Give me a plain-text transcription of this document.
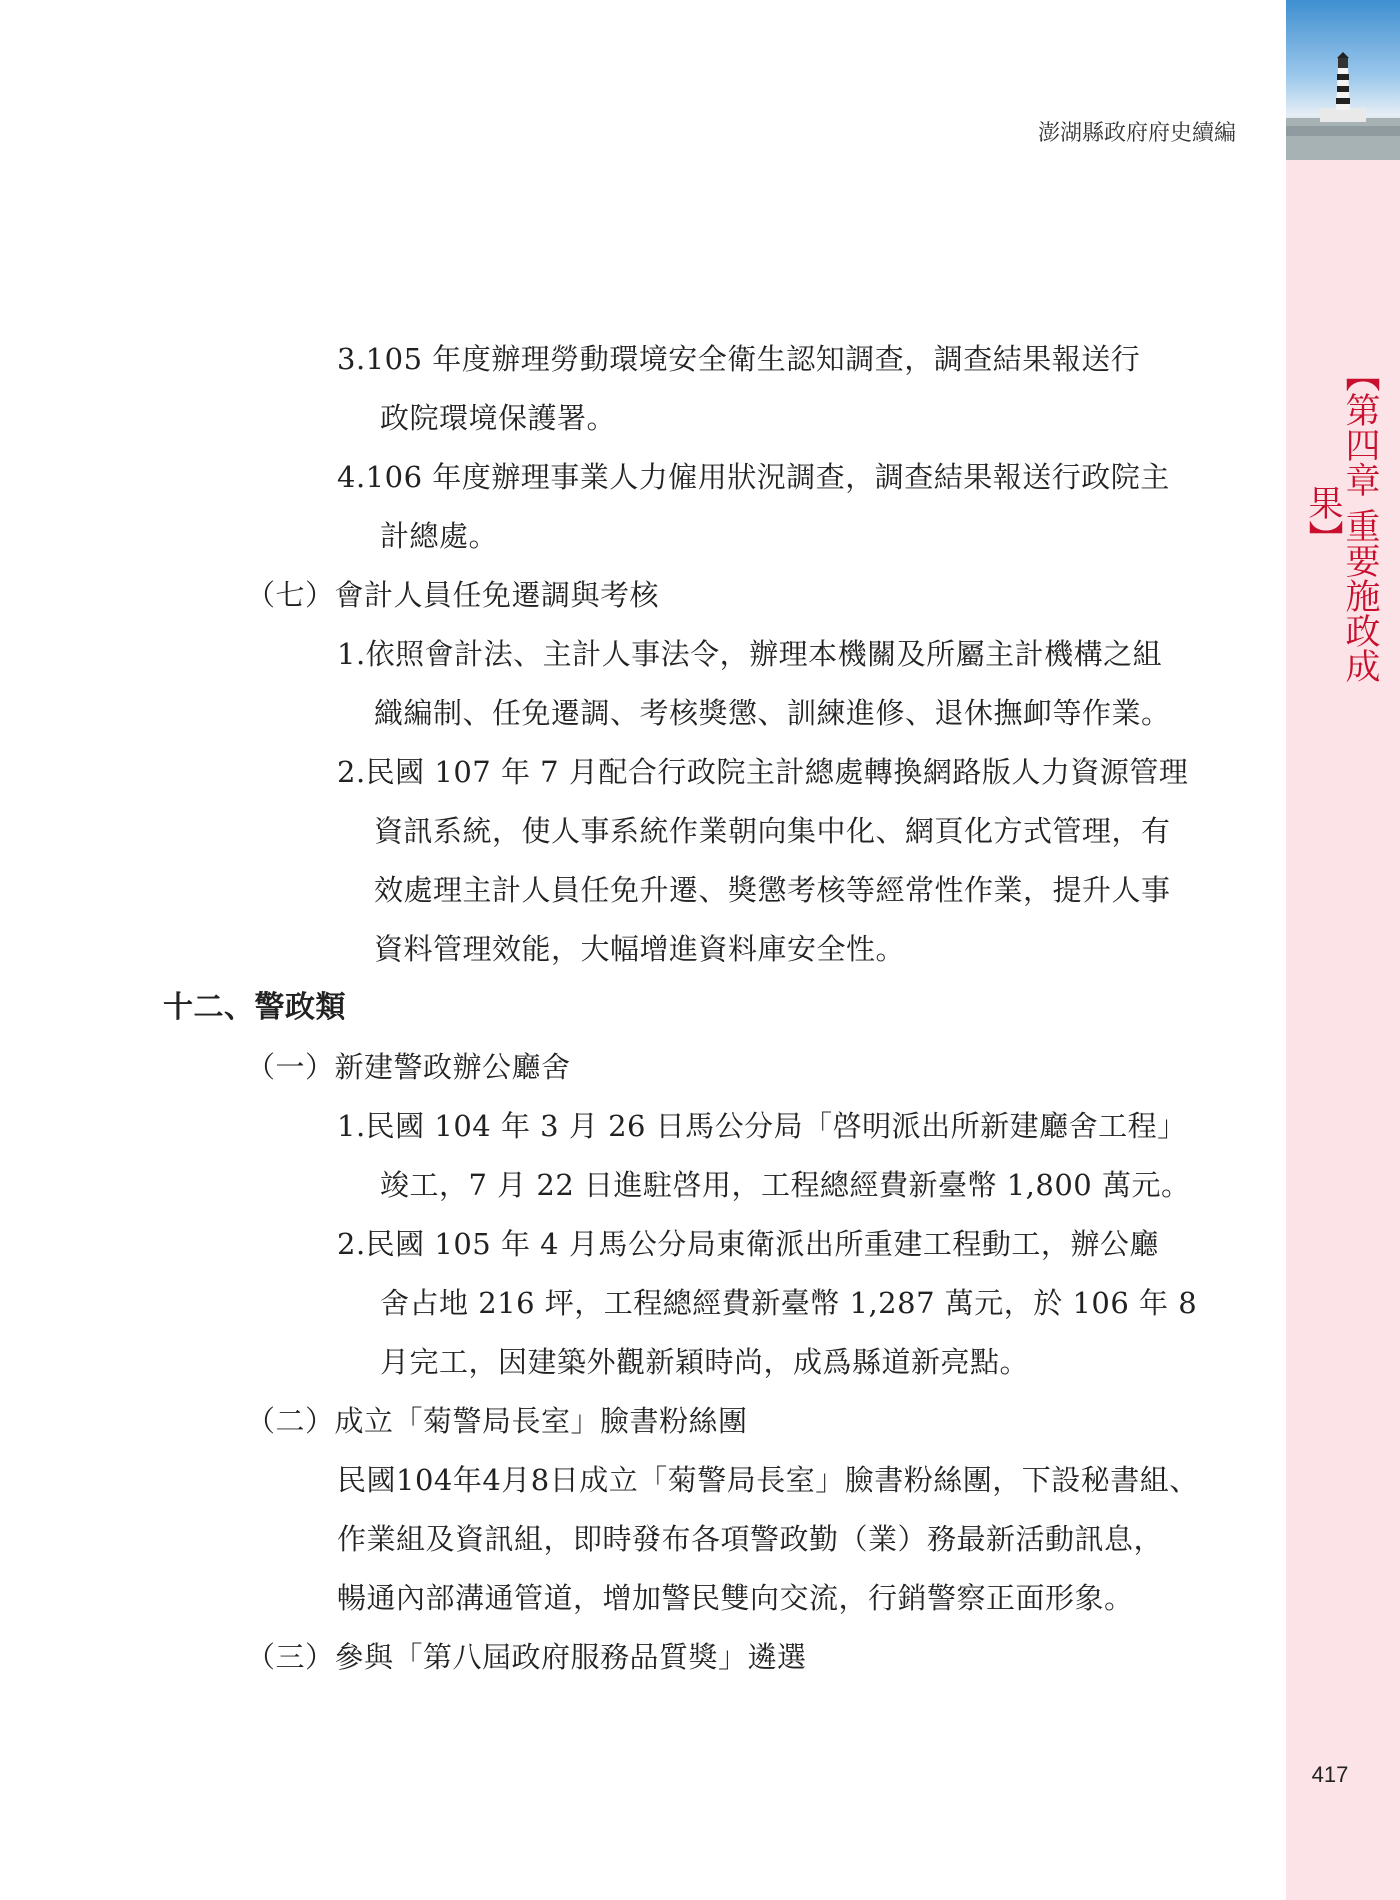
【第四章 重要施政成果】
澎湖縣政府府史續編
3.105 年度辦理勞動環境安全衛生認知調查，調查結果報送行
政院環境保護署。
4.106 年度辦理事業人力僱用狀況調查，調查結果報送行政院主
計總處。
（七）會計人員任免遷調與考核
1.依照會計法、主計人事法令，辦理本機關及所屬主計機構之組
織編制、任免遷調、考核獎懲、訓練進修、退休撫卹等作業。
2.民國 107 年 7 月配合行政院主計總處轉換網路版人力資源管理
資訊系統，使人事系統作業朝向集中化、網頁化方式管理，有
效處理主計人員任免升遷、獎懲考核等經常性作業，提升人事
資料管理效能，大幅增進資料庫安全性。
十二、警政類
（一）新建警政辦公廳舍
1.民國 104 年 3 月 26 日馬公分局「啓明派出所新建廳舍工程」
竣工，7 月 22 日進駐啓用，工程總經費新臺幣 1,800 萬元。
2.民國 105 年 4 月馬公分局東衛派出所重建工程動工，辦公廳
舍占地 216 坪，工程總經費新臺幣 1,287 萬元，於 106 年 8
月完工，因建築外觀新穎時尚，成爲縣道新亮點。
（二）成立「菊警局長室」臉書粉絲團
民國104年4月8日成立「菊警局長室」臉書粉絲團，下設秘書組、
作業組及資訊組，即時發布各項警政勤（業）務最新活動訊息，
暢通內部溝通管道，增加警民雙向交流，行銷警察正面形象。
（三）參與「第八屆政府服務品質獎」遴選
417
